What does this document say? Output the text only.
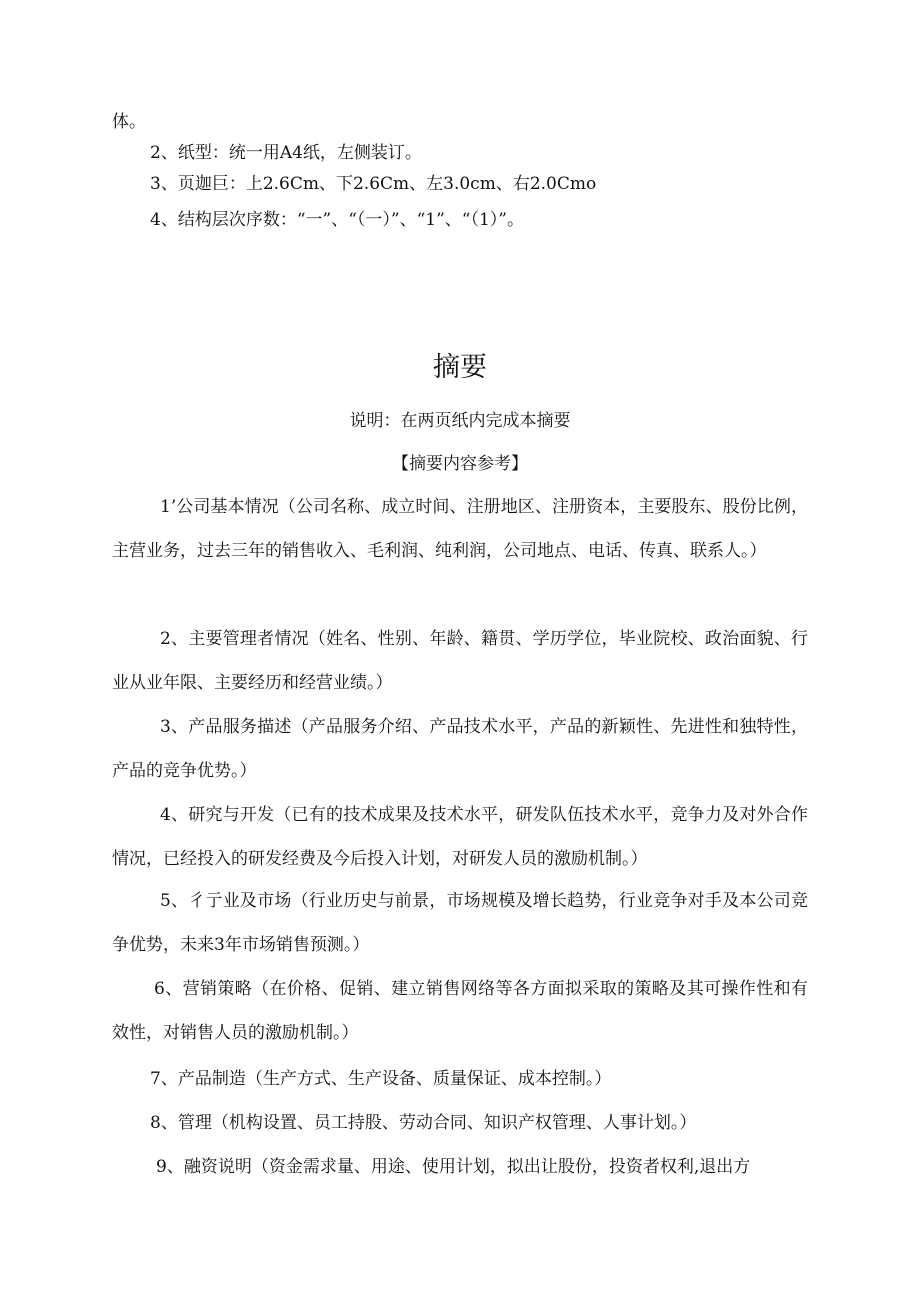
体。
2、纸型：统一用A4纸，左侧装订。
3、页迦巨：上2.6Cm、下2.6Cm、左3.0cm、右2.0Cmo
4、结构层次序数：“一”、“（一）”、“1”、“（1）”。
摘要
说明：在两页纸内完成本摘要
【摘要内容参考】

1’公司基本情况（公司名称、成立时间、注册地区、注册资本，主要股东、股份比例，主营业务，过去三年的销售收入、毛利润、纯利润，公司地点、电话、传真、联系人。）

2、主要管理者情况（姓名、性别、年龄、籍贯、学历学位，毕业院校、政治面貌、行业从业年限、主要经历和经营业绩。）

3、产品服务描述（产品服务介绍、产品技术水平，产品的新颖性、先进性和独特性，产品的竞争优势。）

4、研究与开发（已有的技术成果及技术水平，研发队伍技术水平，竞争力及对外合作情况，已经投入的研发经费及今后投入计划，对研发人员的激励机制。）

5、彳亍业及市场（行业历史与前景，市场规模及增长趋势，行业竞争对手及本公司竞争优势，未来3年市场销售预测。）

6、营销策略（在价格、促销、建立销售网络等各方面拟采取的策略及其可操作性和有效性，对销售人员的激励机制。）

7、产品制造（生产方式、生产设备、质量保证、成本控制。）

8、管理（机构设置、员工持股、劳动合同、知识产权管理、人事计划。）

9、融资说明（资金需求量、用途、使用计划，拟出让股份，投资者权利,退出方
